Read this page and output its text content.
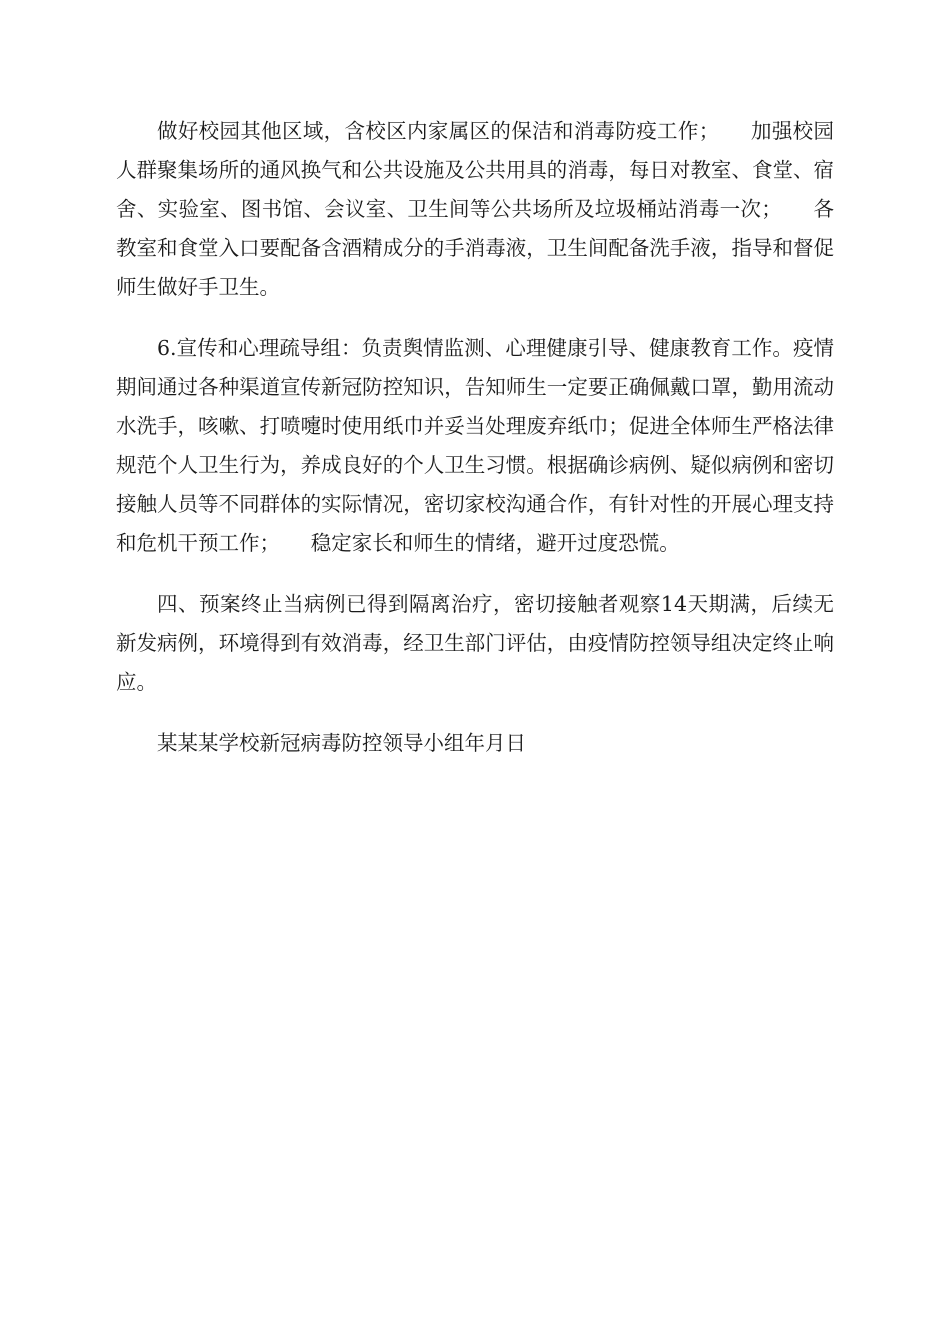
做好校园其他区域，含校区内家属区的保洁和消毒防疫工作；　　加强校园人群聚集场所的通风换气和公共设施及公共用具的消毒，每日对教室、食堂、宿舍、实验室、图书馆、会议室、卫生间等公共场所及垃圾桶站消毒一次；　　各教室和食堂入口要配备含酒精成分的手消毒液，卫生间配备洗手液，指导和督促师生做好手卫生。

6.宣传和心理疏导组：负责舆情监测、心理健康引导、健康教育工作。疫情期间通过各种渠道宣传新冠防控知识，告知师生一定要正确佩戴口罩，勤用流动水洗手，咳嗽、打喷嚏时使用纸巾并妥当处理废弃纸巾；促进全体师生严格法律规范个人卫生行为，养成良好的个人卫生习惯。根据确诊病例、疑似病例和密切接触人员等不同群体的实际情况，密切家校沟通合作，有针对性的开展心理支持和危机干预工作；　　稳定家长和师生的情绪，避开过度恐慌。

四、预案终止当病例已得到隔离治疗，密切接触者观察14天期满，后续无新发病例，环境得到有效消毒，经卫生部门评估，由疫情防控领导组决定终止响应。

某某某学校新冠病毒防控领导小组年月日
